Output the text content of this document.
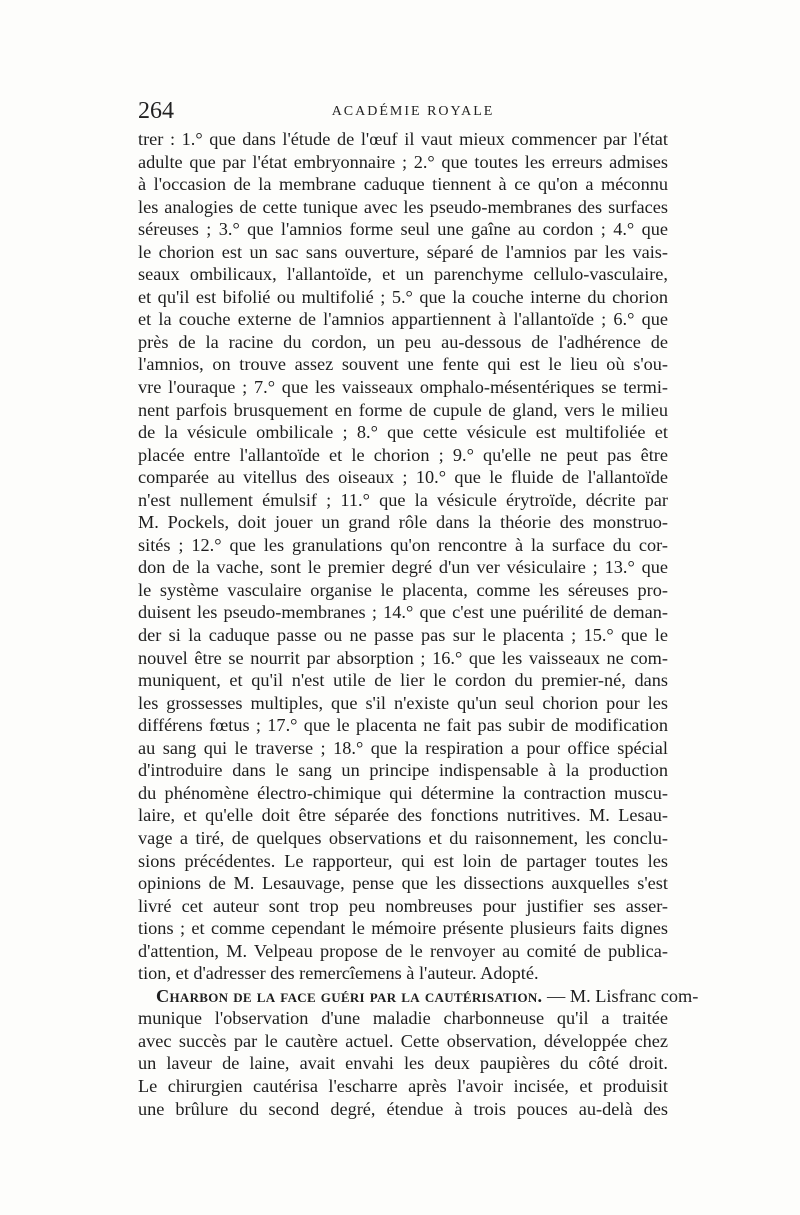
264	ACADÉMIE ROYALE
trer : 1.° que dans l'étude de l'œuf il vaut mieux commencer par l'état
adulte que par l'état embryonnaire ; 2.° que toutes les erreurs admises
à l'occasion de la membrane caduque tiennent à ce qu'on a méconnu
les analogies de cette tunique avec les pseudo-membranes des surfaces
séreuses ; 3.° que l'amnios forme seul une gaîne au cordon ; 4.° que
le chorion est un sac sans ouverture, séparé de l'amnios par les vais-
seaux ombilicaux, l'allantoïde, et un parenchyme cellulo-vasculaire,
et qu'il est bifolié ou multifolié ; 5.° que la couche interne du chorion
et la couche externe de l'amnios appartiennent à l'allantoïde ; 6.° que
près de la racine du cordon, un peu au-dessous de l'adhérence de
l'amnios, on trouve assez souvent une fente qui est le lieu où s'ou-
vre l'ouraque ; 7.° que les vaisseaux omphalo-mésentériques se termi-
nent parfois brusquement en forme de cupule de gland, vers le milieu
de la vésicule ombilicale ; 8.° que cette vésicule est multifoliée et
placée entre l'allantoïde et le chorion ; 9.° qu'elle ne peut pas être
comparée au vitellus des oiseaux ; 10.° que le fluide de l'allantoïde
n'est nullement émulsif ; 11.° que la vésicule érytroïde, décrite par
M. Pockels, doit jouer un grand rôle dans la théorie des monstruo-
sités ; 12.° que les granulations qu'on rencontre à la surface du cor-
don de la vache, sont le premier degré d'un ver vésiculaire ; 13.° que
le système vasculaire organise le placenta, comme les séreuses pro-
duisent les pseudo-membranes ; 14.° que c'est une puérilité de deman-
der si la caduque passe ou ne passe pas sur le placenta ; 15.° que le
nouvel être se nourrit par absorption ; 16.° que les vaisseaux ne com-
muniquent, et qu'il n'est utile de lier le cordon du premier-né, dans
les grossesses multiples, que s'il n'existe qu'un seul chorion pour les
différens fœtus ; 17.° que le placenta ne fait pas subir de modification
au sang qui le traverse ; 18.° que la respiration a pour office spécial
d'introduire dans le sang un principe indispensable à la production
du phénomène électro-chimique qui détermine la contraction muscu-
laire, et qu'elle doit être séparée des fonctions nutritives. M. Lesau-
vage a tiré, de quelques observations et du raisonnement, les conclu-
sions précédentes. Le rapporteur, qui est loin de partager toutes les
opinions de M. Lesauvage, pense que les dissections auxquelles s'est
livré cet auteur sont trop peu nombreuses pour justifier ses asser-
tions ; et comme cependant le mémoire présente plusieurs faits dignes
d'attention, M. Velpeau propose de le renvoyer au comité de publica-
tion, et d'adresser des remercîemens à l'auteur. Adopté.
Charbon de la face guéri par la cautérisation. — M. Lisfranc com-
munique l'observation d'une maladie charbonneuse qu'il a traitée
avec succès par le cautère actuel. Cette observation, développée chez
un laveur de laine, avait envahi les deux paupières du côté droit.
Le chirurgien cautérisa l'escharre après l'avoir incisée, et produisit
une brûlure du second degré, étendue à trois pouces au-delà des
